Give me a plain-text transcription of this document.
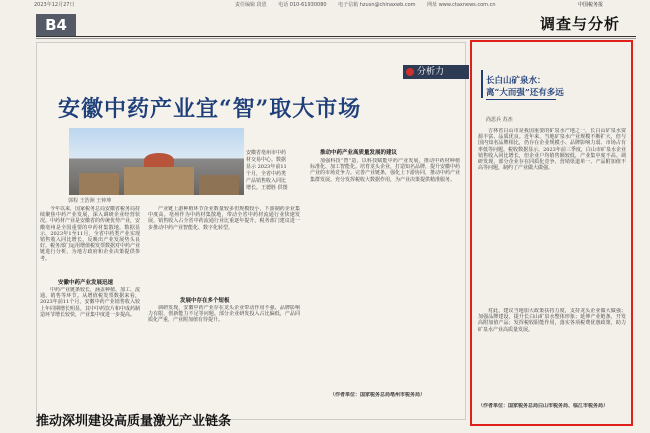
2023年12月27日	责任编辑 段恩 电话 010-61930080 电子信箱 hzusn@chinaxwb.com 网址 www.ctaxnews.com.cn	中国税务报
B4	调查与分析
分析力
安徽中药产业宜“智”取大市场
安徽省亳州市中药材交易中心。数据显示 2023年前11个月，全省中药类产品销售收入同比增长。王德胜 供图
郭程 王浩洲 王钟坤

今年以来，国家税务总局安徽省税务局持续聚焦中药产业发展，深入调研企业经营状况。中药材产业是安徽省的传统优势产业，安徽亳州是全国重要的中药材集散地。数据显示，2023年1至11月，全省中药类产业实现销售收入同比增长，反映出产业发展势头良好。税务部门运用增值税发票数据对中药产业链进行分析，为地方政府和企业决策提供参考。

安徽中药产业发展迅速

中药产业链条较长，涵盖种植、加工、流通、销售等环节。从增值税发票数据来看，2023年前11个月，安徽中药产业销售收入较上年同期增长明显，其中中药饮片和中成药制造环节增长较快，产业集中度进一步提高。

产业链上游种植环节企业数量较多但规模较小，下游制药企业集中度高。亳州作为中药材集散地，带动全省中药材流通行业快速发展，销售收入占全省中药流通行业比重逐年提升。税务部门建议进一步推动中药产业智能化、数字化转型。

发展中存在多个短板

调研发现，安徽中药产业存在龙头企业带动作用不强、品牌影响力有限、创新能力不足等问题。部分企业研发投入占比偏低，产品同质化严重，产业附加值有待提升。

推动中药产业高质量发展的建议

加强科技“智”造，以科技赋能中药产业发展，推动中药材种植标准化、加工智能化。培育龙头企业，打造知名品牌，提升安徽中药产业的市场竞争力。完善产业链条，强化上下游协同，推动中药产业集群发展。充分发挥税收大数据作用，为产业决策提供精准服务。

（作者单位：国家税务总局亳州市税务局）
推动深圳建设高质量激光产业链条
长白山矿泉水：
离“大而强”还有多远
尚思兵 苏杰

吉林省白山市是我国重要的矿泉水产地之一，长白山矿泉水资源丰富、品质优良。近年来，当地矿泉水产业规模不断扩大，但与国内知名品牌相比，仍存在企业规模小、品牌影响力弱、市场占有率低等问题。税收数据显示，2023年前三季度，白山市矿泉水企业销售收入同比增长，但企业户均销售额较低，产业集中度不高。调研发现，部分企业存在同质化竞争、营销渠道单一、产品附加值不高等问题，制约了产业做大做强。

对此，建议当地加大政策扶持力度，支持龙头企业做大做强；加强品牌建设，提升长白山矿泉水整体形象；延伸产业链条，开发高附加值产品；发挥税收职能作用，落实各项税费优惠政策，助力矿泉水产业高质量发展。

（作者单位：国家税务总局白山市税务局、临江市税务局）
